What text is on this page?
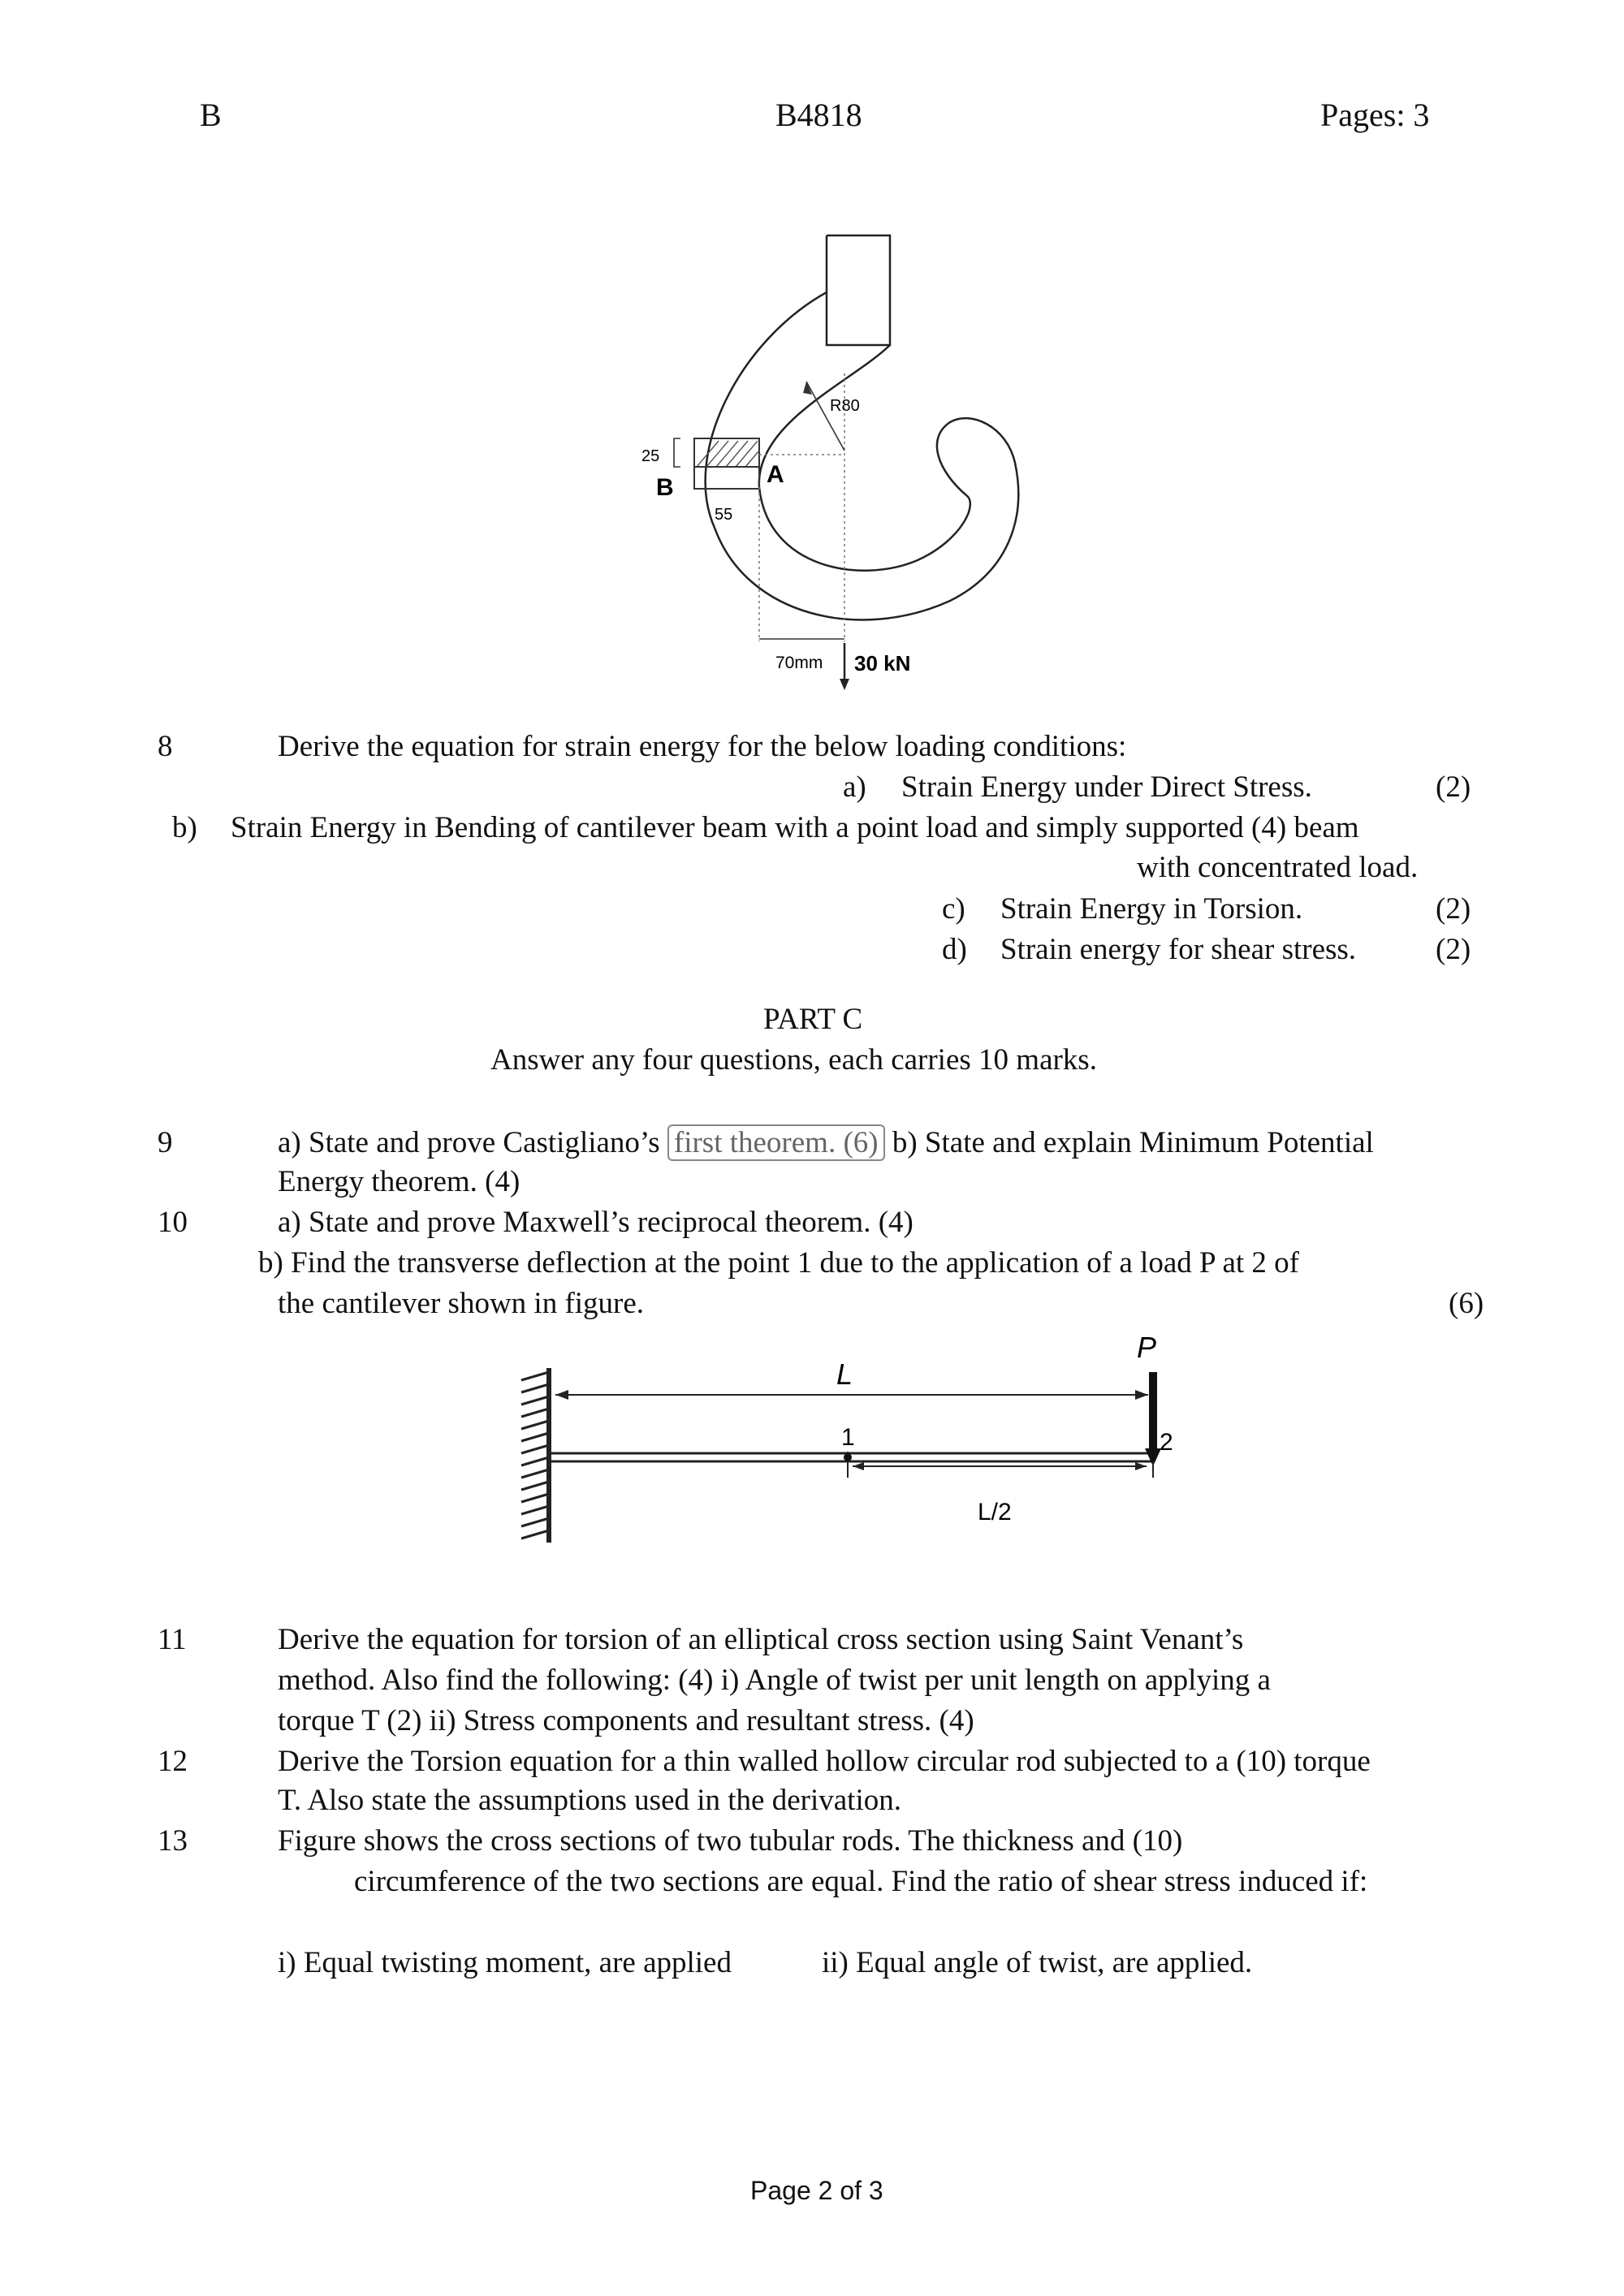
B	B4818	Pages: 3
25
B
55
A
R80
70mm 30 kN
8	Derive the equation for strain energy for the below loading conditions:
a) Strain Energy under Direct Stress.	(2)
b) Strain Energy in Bending of cantilever beam with a point load and simply supported (4) beam
with concentrated load.
c) Strain Energy in Torsion.	(2)
d) Strain energy for shear stress.	(2)
PART C
Answer any four questions, each carries 10 marks.
9	a) State and prove Castigliano’s first theorem. (6) b) State and explain Minimum Potential
Energy theorem. (4)
10	a) State and prove Maxwell’s reciprocal theorem. (4)
b) Find the transverse deflection at the point 1 due to the application of a load P at 2 of
the cantilever shown in figure.	(6)
L
P
1	2
L/2
11	Derive the equation for torsion of an elliptical cross section using Saint Venant’s
method. Also find the following: (4) i) Angle of twist per unit length on applying a
torque T (2) ii) Stress components and resultant stress. (4)
12	Derive the Torsion equation for a thin walled hollow circular rod subjected to a (10) torque
T. Also state the assumptions used in the derivation.
13	Figure shows the cross sections of two tubular rods. The thickness and (10)
circumference of the two sections are equal. Find the ratio of shear stress induced if:
i) Equal twisting moment, are applied	ii) Equal angle of twist, are applied.
Page 2 of 3
